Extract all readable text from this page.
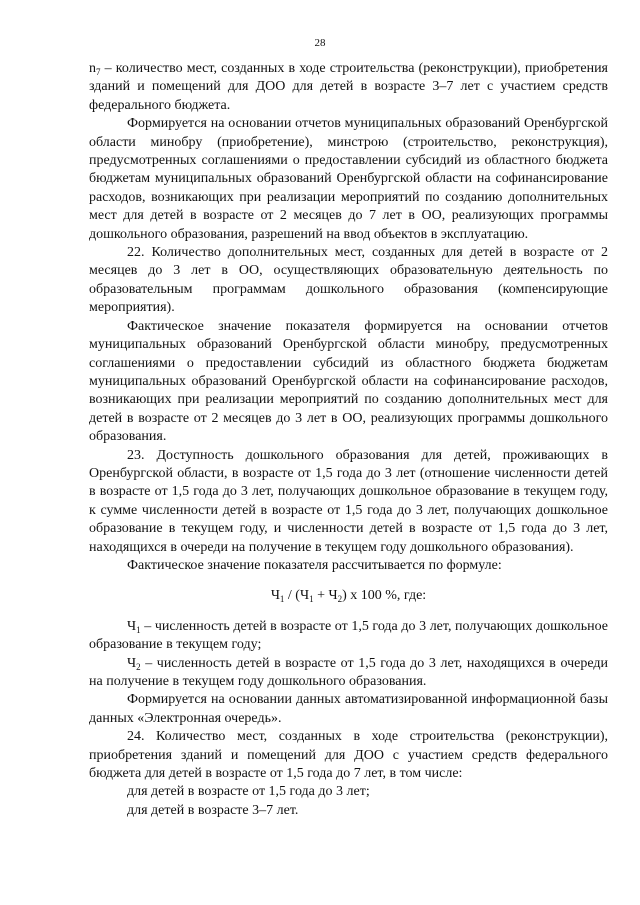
28

$n_7$ – количество мест, созданных в ходе строительства (реконструкции), приобретения зданий и помещений для ДОО для детей в возрасте 3–7 лет с участием средств федерального бюджета.

Формируется на основании отчетов муниципальных образований Оренбургской области минобру (приобретение), минстрою (строительство, реконструкция), предусмотренных соглашениями о предоставлении субсидий из областного бюджета бюджетам муниципальных образований Оренбургской области на софинансирование расходов, возникающих при реализации мероприятий по созданию дополнительных мест для детей в возрасте от 2 месяцев до 7 лет в ОО, реализующих программы дошкольного образования, разрешений на ввод объектов в эксплуатацию.

22. Количество дополнительных мест, созданных для детей в возрасте от 2 месяцев до 3 лет в ОО, осуществляющих образовательную деятельность по образовательным программам дошкольного образования (компенсирующие мероприятия).

Фактическое значение показателя формируется на основании отчетов муниципальных образований Оренбургской области минобру, предусмотренных соглашениями о предоставлении субсидий из областного бюджета бюджетам муниципальных образований Оренбургской области на софинансирование расходов, возникающих при реализации мероприятий по созданию дополнительных мест для детей в возрасте от 2 месяцев до 3 лет в ОО, реализующих программы дошкольного образования.

23. Доступность дошкольного образования для детей, проживающих в Оренбургской области, в возрасте от 1,5 года до 3 лет (отношение численности детей в возрасте от 1,5 года до 3 лет, получающих дошкольное образование в текущем году, к сумме численности детей в возрасте от 1,5 года до 3 лет, получающих дошкольное образование в текущем году, и численности детей в возрасте от 1,5 года до 3 лет, находящихся в очереди на получение в текущем году дошкольного образования).

Фактическое значение показателя рассчитывается по формуле:

$Ч_1 / (Ч_1 + Ч_2)$ х 100 %, где:

$Ч_1$ – численность детей в возрасте от 1,5 года до 3 лет, получающих дошкольное образование в текущем году;

$Ч_2$ – численность детей в возрасте от 1,5 года до 3 лет, находящихся в очереди на получение в текущем году дошкольного образования.

Формируется на основании данных автоматизированной информационной базы данных «Электронная очередь».

24. Количество мест, созданных в ходе строительства (реконструкции), приобретения зданий и помещений для ДОО с участием средств федерального бюджета для детей в возрасте от 1,5 года до 7 лет, в том числе:

для детей в возрасте от 1,5 года до 3 лет;

для детей в возрасте 3–7 лет.
